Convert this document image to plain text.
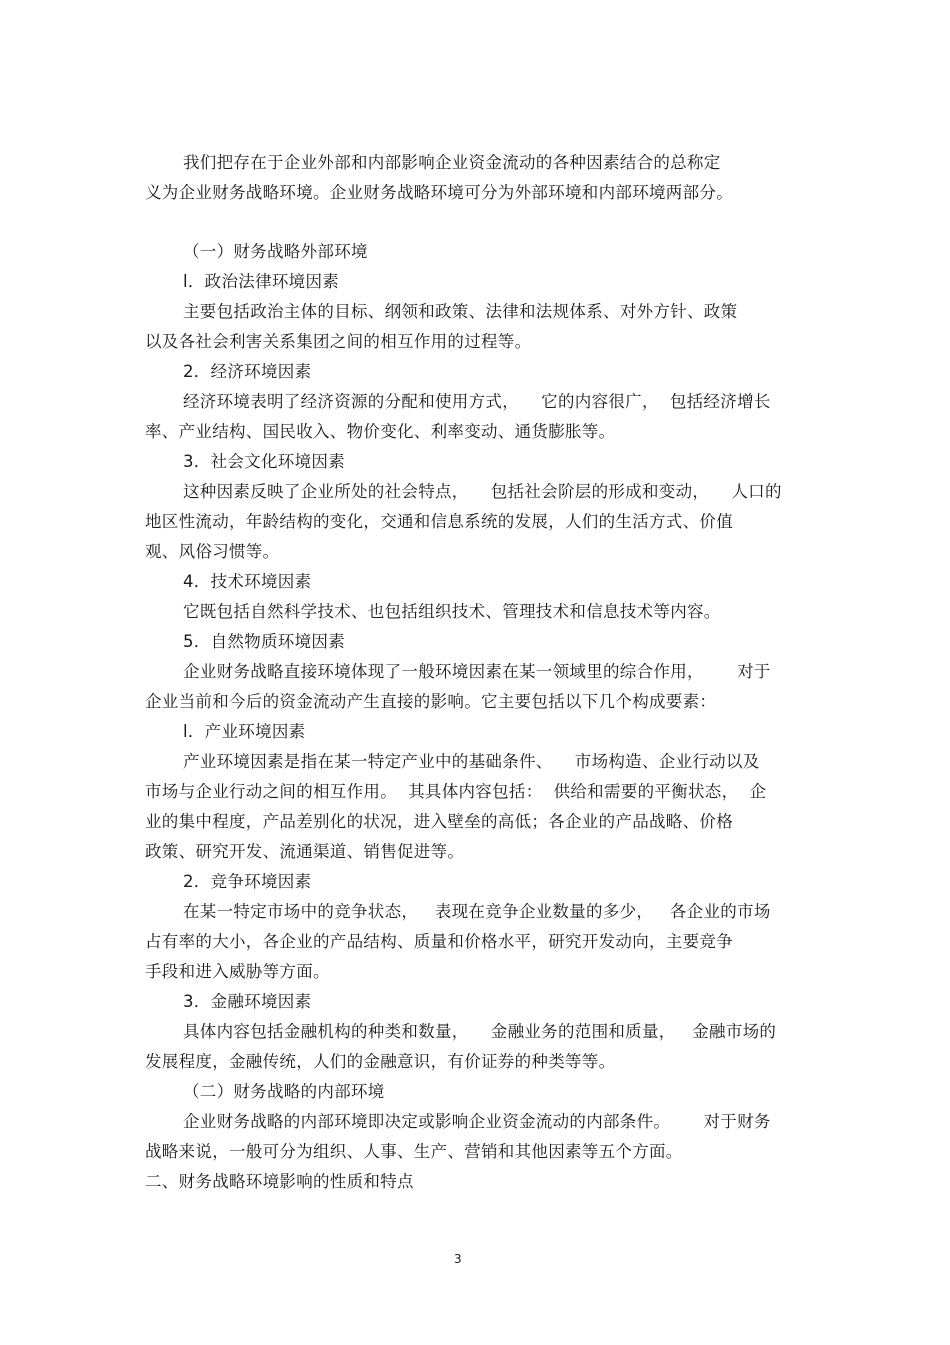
我们把存在于企业外部和内部影响企业资金流动的各种因素结合的总称定
义为企业财务战略环境。企业财务战略环境可分为外部环境和内部环境两部分。
（一）财务战略外部环境
l．政治法律环境因素
主要包括政治主体的目标、纲领和政策、法律和法规体系、对外方针、政策
以及各社会利害关系集团之间的相互作用的过程等。
2．经济环境因素
经济环境表明了经济资源的分配和使用方式，    它的内容很广，  包括经济增长
率、产业结构、国民收入、物价变化、利率变动、通货膨胀等。
3．社会文化环境因素
这种因素反映了企业所处的社会特点，    包括社会阶层的形成和变动，    人口的
地区性流动，年龄结构的变化，交通和信息系统的发展，人们的生活方式、价值
观、风俗习惯等。
4．技术环境因素
它既包括自然科学技术、也包括组织技术、管理技术和信息技术等内容。
5．自然物质环境因素
企业财务战略直接环境体现了一般环境因素在某一领域里的综合作用，      对于
企业当前和今后的资金流动产生直接的影响。它主要包括以下几个构成要素：
l．产业环境因素
产业环境因素是指在某一特定产业中的基础条件、    市场构造、企业行动以及
市场与企业行动之间的相互作用。  其具体内容包括：  供给和需要的平衡状态，  企
业的集中程度，产品差别化的状况，进入壁垒的高低；各企业的产品战略、价格
政策、研究开发、流通渠道、销售促进等。
2．竞争环境因素
在某一特定市场中的竞争状态，   表现在竞争企业数量的多少，   各企业的市场
占有率的大小，各企业的产品结构、质量和价格水平，研究开发动向，主要竞争
手段和进入威胁等方面。
3．金融环境因素
具体内容包括金融机构的种类和数量，    金融业务的范围和质量，   金融市场的
发展程度，金融传统，人们的金融意识，有价证券的种类等等。
（二）财务战略的内部环境
企业财务战略的内部环境即决定或影响企业资金流动的内部条件。      对于财务
战略来说，一般可分为组织、人事、生产、营销和其他因素等五个方面。
二、财务战略环境影响的性质和特点
3
